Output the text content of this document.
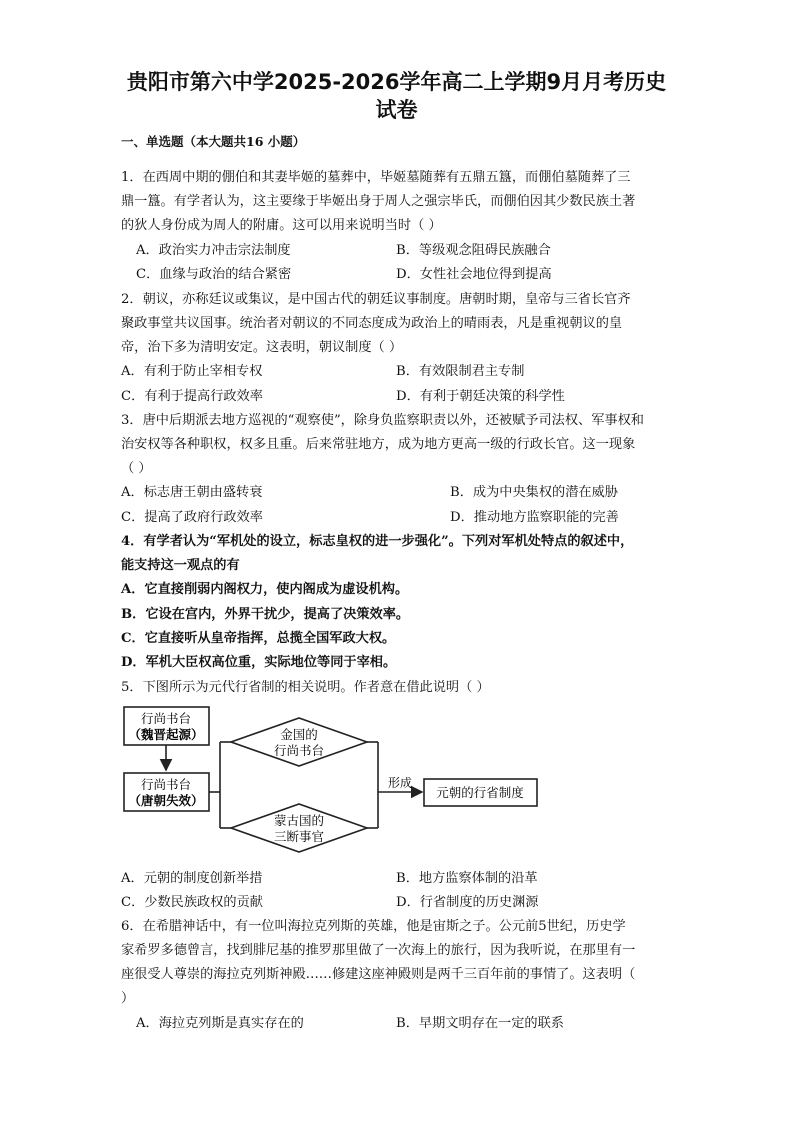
贵阳市第六中学2025-2026学年高二上学期9月月考历史
试卷
一、单选题（本大题共16 小题）
1．在西周中期的倗伯和其妻毕姬的墓葬中，毕姬墓随葬有五鼎五簋，而倗伯墓随葬了三
鼎一簋。有学者认为，这主要缘于毕姬出身于周人之强宗毕氏，而倗伯因其少数民族土著
的狄人身份成为周人的附庸。这可以用来说明当时（ ）
A．政治实力冲击宗法制度	B．等级观念阻碍民族融合
C．血缘与政治的结合紧密	D．女性社会地位得到提高
2．朝议，亦称廷议或集议，是中国古代的朝廷议事制度。唐朝时期，皇帝与三省长官齐
聚政事堂共议国事。统治者对朝议的不同态度成为政治上的晴雨表，凡是重视朝议的皇
帝，治下多为清明安定。这表明，朝议制度（ ）
A．有利于防止宰相专权	B．有效限制君主专制
C．有利于提高行政效率	D．有利于朝廷决策的科学性
3．唐中后期派去地方巡视的“观察使”，除身负监察职责以外，还被赋予司法权、军事权和
治安权等各种职权，权多且重。后来常驻地方，成为地方更高一级的行政长官。这一现象
（ ）
A．标志唐王朝由盛转衰	B．成为中央集权的潜在威胁
C．提高了政府行政效率	D．推动地方监察职能的完善
4．有学者认为“军机处的设立，标志皇权的进一步强化”。下列对军机处特点的叙述中，
能支持这一观点的有
A．它直接削弱内阁权力，使内阁成为虚设机构。
B．它设在宫内，外界干扰少，提高了决策效率。
C．它直接听从皇帝指挥，总揽全国军政大权。
D．军机大臣权高位重，实际地位等同于宰相。
5．下图所示为元代行省制的相关说明。作者意在借此说明（ ）
行尚书台
（魏晋起源）
行尚书台
（唐朝失效）
金国的
行尚书台
蒙古国的
三断事官
形成
元朝的行省制度
A．元朝的制度创新举措	B．地方监察体制的沿革
C．少数民族政权的贡献	D．行省制度的历史渊源
6．在希腊神话中，有一位叫海拉克列斯的英雄，他是宙斯之子。公元前5世纪，历史学
家希罗多德曾言，找到腓尼基的推罗那里做了一次海上的旅行，因为我听说，在那里有一
座很受人尊崇的海拉克列斯神殿……修建这座神殿则是两千三百年前的事情了。这表明（
）
A．海拉克列斯是真实存在的	B．早期文明存在一定的联系
